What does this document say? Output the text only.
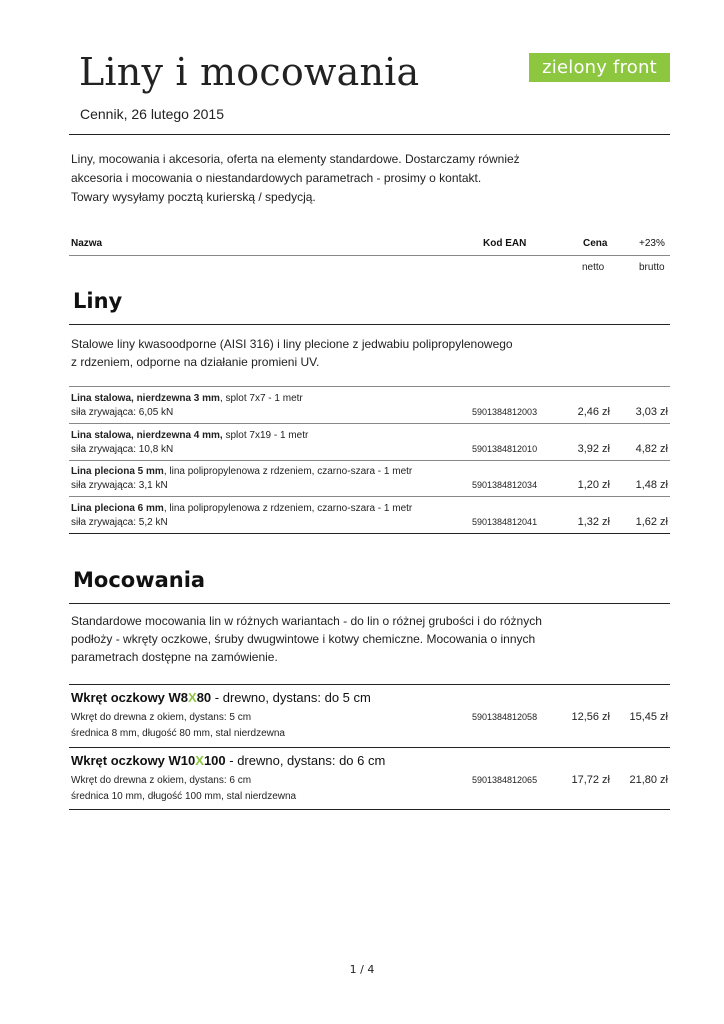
Liny i mocowania
Cennik, 26 lutego 2015
zielony front
Liny, mocowania i akcesoria, oferta na elementy standardowe. Dostarczamy również
akcesoria i mocowania o niestandardowych parametrach - prosimy o kontakt.
Towary wysyłamy pocztą kurierską / spedycją.
Nazwa	Kod EAN	Cena	+23%
netto	brutto
Liny
Stalowe liny kwasoodporne (AISI 316) i liny plecione z jedwabiu polipropylenowego
z rdzeniem, odporne na działanie promieni UV.
Lina stalowa, nierdzewna 3 mm, splot 7x7 - 1 metr
siła zrywająca: 6,05 kN	5901384812003	2,46 zł 3,03 zł
Lina stalowa, nierdzewna 4 mm, splot 7x19 - 1 metr
siła zrywająca: 10,8 kN	5901384812010	3,92 zł 4,82 zł
Lina pleciona 5 mm, lina polipropylenowa z rdzeniem, czarno-szara - 1 metr
siła zrywająca: 3,1 kN	5901384812034	1,20 zł 1,48 zł
Lina pleciona 6 mm, lina polipropylenowa z rdzeniem, czarno-szara - 1 metr
siła zrywająca: 5,2 kN	5901384812041	1,32 zł 1,62 zł
Mocowania
Standardowe mocowania lin w różnych wariantach - do lin o różnej grubości i do różnych
podłoży - wkręty oczkowe, śruby dwugwintowe i kotwy chemiczne. Mocowania o innych
parametrach dostępne na zamówienie.
Wkręt oczkowy W8X80 - drewno, dystans: do 5 cm
Wkręt do drewna z okiem, dystans: 5 cm
średnica 8 mm, długość 80 mm, stal nierdzewna
5901384812058	12,56 zł 15,45 zł
Wkręt oczkowy W10X100 - drewno, dystans: do 6 cm
Wkręt do drewna z okiem, dystans: 6 cm
średnica 10 mm, długość 100 mm, stal nierdzewna
5901384812065	17,72 zł 21,80 zł
1 / 4
